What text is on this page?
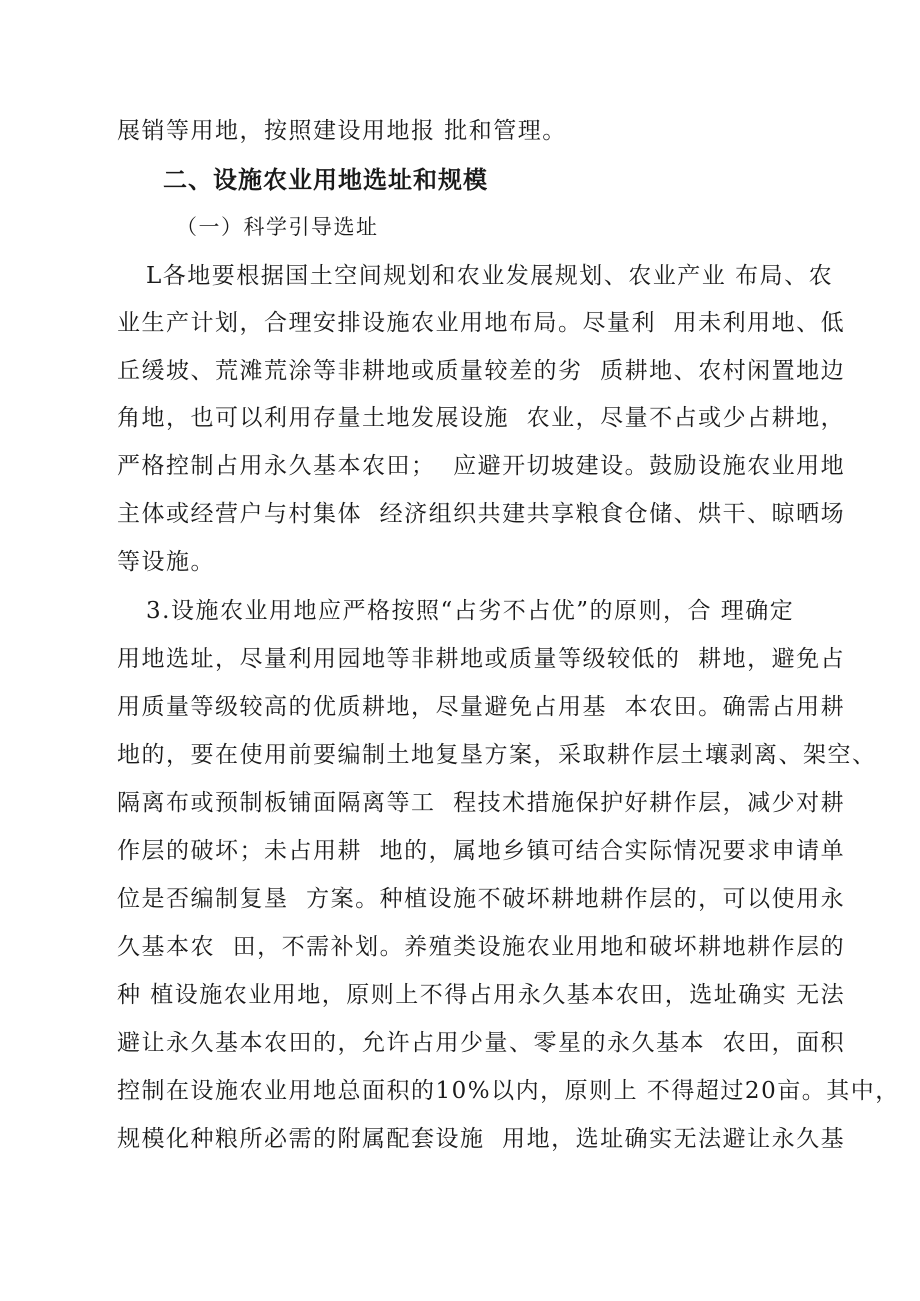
展销等用地，按照建设用地报 批和管理。
二、设施农业用地选址和规模
（一）科学引导选址
L各地要根据国土空间规划和农业发展规划、农业产业 布局、农
业生产计划，合理安排设施农业用地布局。尽量利  用未利用地、低
丘缓坡、荒滩荒涂等非耕地或质量较差的劣  质耕地、农村闲置地边
角地，也可以利用存量土地发展设施  农业，尽量不占或少占耕地，
严格控制占用永久基本农田；  应避开切坡建设。鼓励设施农业用地
主体或经营户与村集体  经济组织共建共享粮食仓储、烘干、晾晒场
等设施。
3.设施农业用地应严格按照“占劣不占优”的原则，合 理确定
用地选址，尽量利用园地等非耕地或质量等级较低的  耕地，避免占
用质量等级较高的优质耕地，尽量避免占用基  本农田。确需占用耕
地的，要在使用前要编制土地复垦方案，采取耕作层土壤剥离、架空、
隔离布或预制板铺面隔离等工  程技术措施保护好耕作层，减少对耕
作层的破坏；未占用耕  地的，属地乡镇可结合实际情况要求申请单
位是否编制复垦  方案。种植设施不破坏耕地耕作层的，可以使用永
久基本农  田，不需补划。养殖类设施农业用地和破坏耕地耕作层的
种 植设施农业用地，原则上不得占用永久基本农田，选址确实 无法
避让永久基本农田的，允许占用少量、零星的永久基本  农田，面积
控制在设施农业用地总面积的10%以内，原则上 不得超过20亩。其中，
规模化种粮所必需的附属配套设施  用地，选址确实无法避让永久基
